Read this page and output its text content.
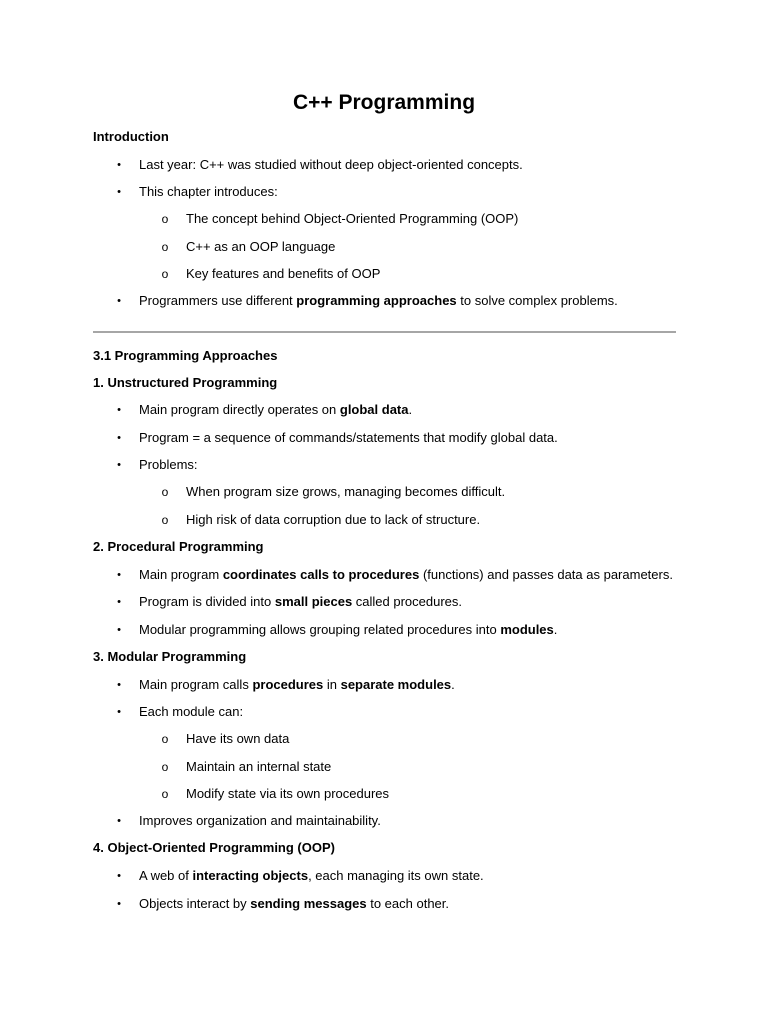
C++ Programming
Introduction
• Last year: C++ was studied without deep object-oriented concepts.
• This chapter introduces:
o The concept behind Object-Oriented Programming (OOP)
o C++ as an OOP language
o Key features and benefits of OOP
• Programmers use different programming approaches to solve complex problems.
3.1 Programming Approaches
1. Unstructured Programming
• Main program directly operates on global data.
• Program = a sequence of commands/statements that modify global data.
• Problems:
o When program size grows, managing becomes difficult.
o High risk of data corruption due to lack of structure.
2. Procedural Programming
• Main program coordinates calls to procedures (functions) and passes data as parameters.
• Program is divided into small pieces called procedures.
• Modular programming allows grouping related procedures into modules.
3. Modular Programming
• Main program calls procedures in separate modules.
• Each module can:
o Have its own data
o Maintain an internal state
o Modify state via its own procedures
• Improves organization and maintainability.
4. Object-Oriented Programming (OOP)
• A web of interacting objects, each managing its own state.
• Objects interact by sending messages to each other.
